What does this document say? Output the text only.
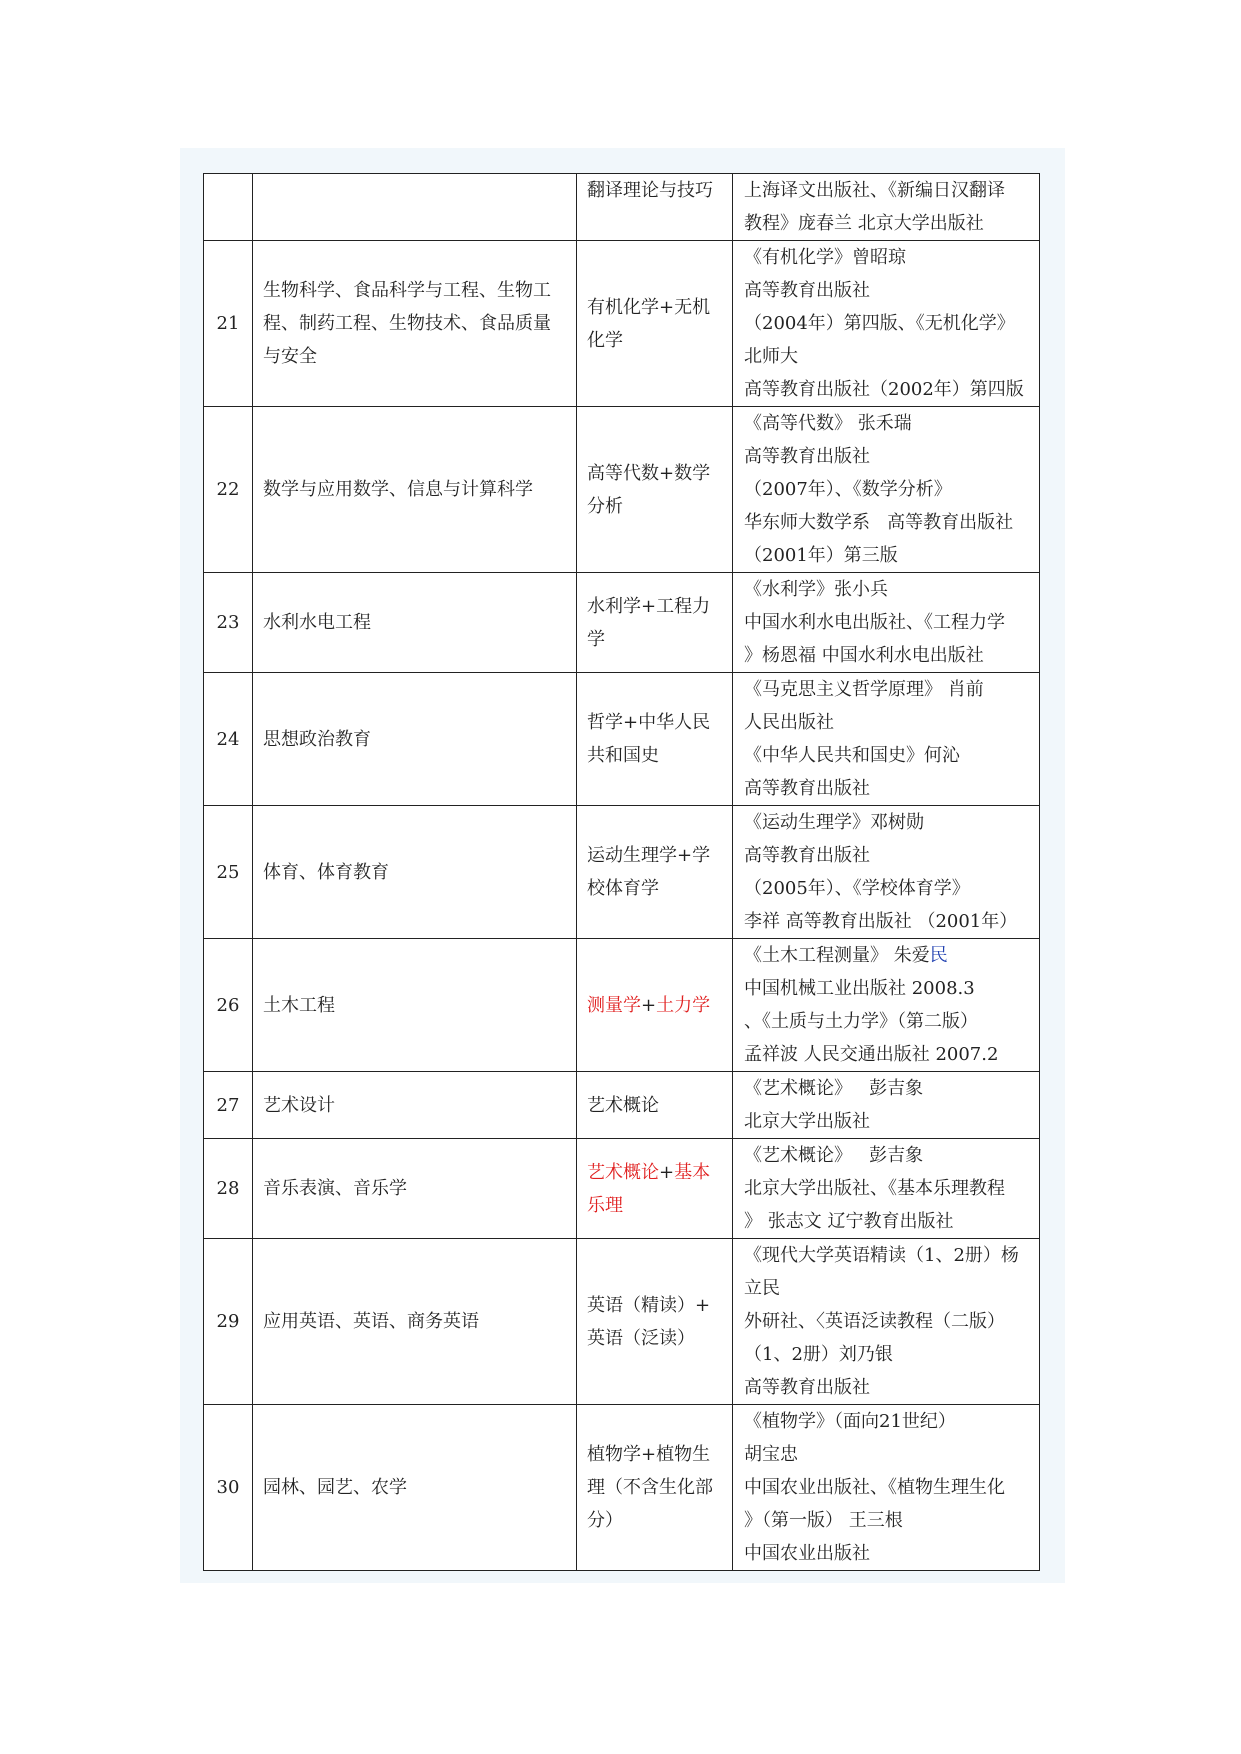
		翻译理论与技巧	上海译文出版社、《新编日汉翻译
教程》庞春兰 北京大学出版社

21	生物科学、食品科学与工程、生物工
程、制药工程、生物技术、食品质量
与安全	有机化学+无机
化学	《有机化学》曾昭琼
高等教育出版社
（2004年）第四版、《无机化学》
北师大
高等教育出版社（2002年）第四版

22	数学与应用数学、信息与计算科学	高等代数+数学
分析	《高等代数》 张禾瑞
高等教育出版社
（2007年）、《数学分析》
华东师大数学系   高等教育出版社
（2001年）第三版

23	水利水电工程	水利学+工程力
学	《水利学》张小兵
中国水利水电出版社、《工程力学
》杨恩福 中国水利水电出版社

24	思想政治教育	哲学+中华人民
共和国史	《马克思主义哲学原理》 肖前
人民出版社
《中华人民共和国史》何沁
高等教育出版社

25	体育、体育教育	运动生理学+学
校体育学	《运动生理学》邓树勋
高等教育出版社
（2005年）、《学校体育学》
李祥 高等教育出版社 （2001年）

26	土木工程	测量学+土力学	《土木工程测量》 朱爱民
中国机械工业出版社 2008.3
、《土质与土力学》（第二版）
孟祥波 人民交通出版社 2007.2

27	艺术设计	艺术概论	《艺术概论》   彭吉象
北京大学出版社

28	音乐表演、音乐学	艺术概论+基本
乐理	《艺术概论》   彭吉象
北京大学出版社、《基本乐理教程
》 张志文 辽宁教育出版社

29	应用英语、英语、商务英语	英语（精读）+
英语（泛读）	《现代大学英语精读（1、2册）杨
立民
外研社、〈英语泛读教程（二版）
（1、2册）刘乃银
高等教育出版社

30	园林、园艺、农学	植物学+植物生
理（不含生化部
分）	《植物学》（面向21世纪）
胡宝忠
中国农业出版社、《植物生理生化
》（第一版） 王三根
中国农业出版社
